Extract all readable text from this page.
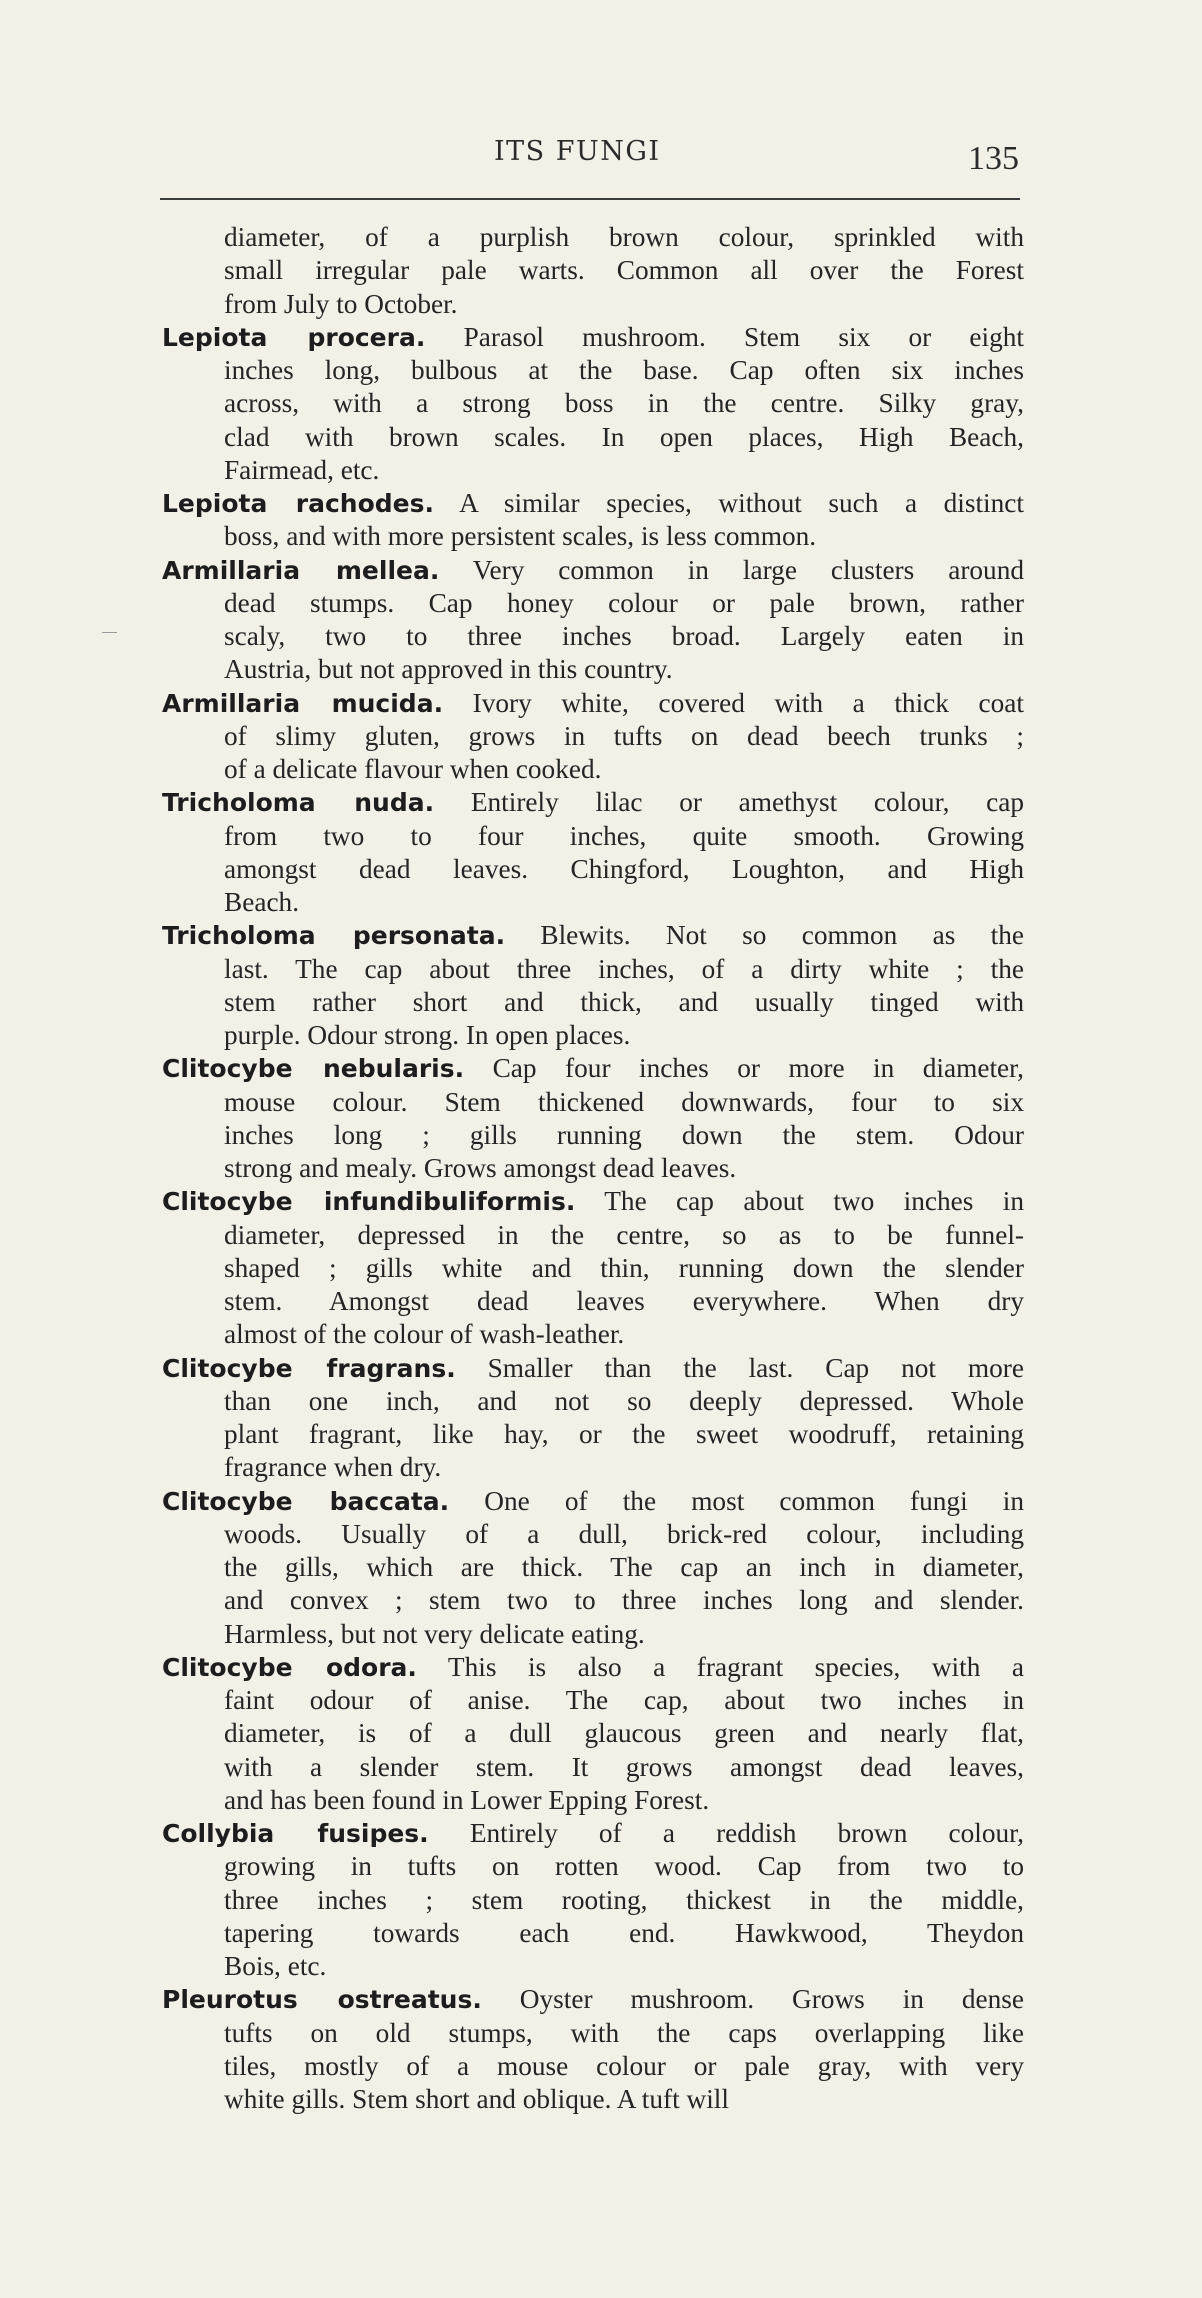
ITS FUNGI	135
diameter, of a purplish brown colour, sprinkled with
small irregular pale warts. Common all over the Forest
from July to October.
Lepiota procera. Parasol mushroom. Stem six or eight
inches long, bulbous at the base. Cap often six inches
across, with a strong boss in the centre. Silky gray,
clad with brown scales. In open places, High Beach,
Fairmead, etc.
Lepiota rachodes. A similar species, without such a distinct
boss, and with more persistent scales, is less common.
Armillaria mellea. Very common in large clusters around
dead stumps. Cap honey colour or pale brown, rather
scaly, two to three inches broad. Largely eaten in
Austria, but not approved in this country.
Armillaria mucida. Ivory white, covered with a thick coat
of slimy gluten, grows in tufts on dead beech trunks ;
of a delicate flavour when cooked.
Tricholoma nuda. Entirely lilac or amethyst colour, cap
from two to four inches, quite smooth. Growing
amongst dead leaves. Chingford, Loughton, and High
Beach.
Tricholoma personata. Blewits. Not so common as the
last. The cap about three inches, of a dirty white ; the
stem rather short and thick, and usually tinged with
purple. Odour strong. In open places.
Clitocybe nebularis. Cap four inches or more in diameter,
mouse colour. Stem thickened downwards, four to six
inches long ; gills running down the stem. Odour
strong and mealy. Grows amongst dead leaves.
Clitocybe infundibuliformis. The cap about two inches in
diameter, depressed in the centre, so as to be funnel-
shaped ; gills white and thin, running down the slender
stem. Amongst dead leaves everywhere. When dry
almost of the colour of wash-leather.
Clitocybe fragrans. Smaller than the last. Cap not more
than one inch, and not so deeply depressed. Whole
plant fragrant, like hay, or the sweet woodruff, retaining
fragrance when dry.
Clitocybe baccata. One of the most common fungi in
woods. Usually of a dull, brick-red colour, including
the gills, which are thick. The cap an inch in diameter,
and convex ; stem two to three inches long and slender.
Harmless, but not very delicate eating.
Clitocybe odora. This is also a fragrant species, with a
faint odour of anise. The cap, about two inches in
diameter, is of a dull glaucous green and nearly flat,
with a slender stem. It grows amongst dead leaves,
and has been found in Lower Epping Forest.
Collybia fusipes. Entirely of a reddish brown colour,
growing in tufts on rotten wood. Cap from two to
three inches ; stem rooting, thickest in the middle,
tapering towards each end. Hawkwood, Theydon
Bois, etc.
Pleurotus ostreatus. Oyster mushroom. Grows in dense
tufts on old stumps, with the caps overlapping like
tiles, mostly of a mouse colour or pale gray, with very
white gills. Stem short and oblique. A tuft will
